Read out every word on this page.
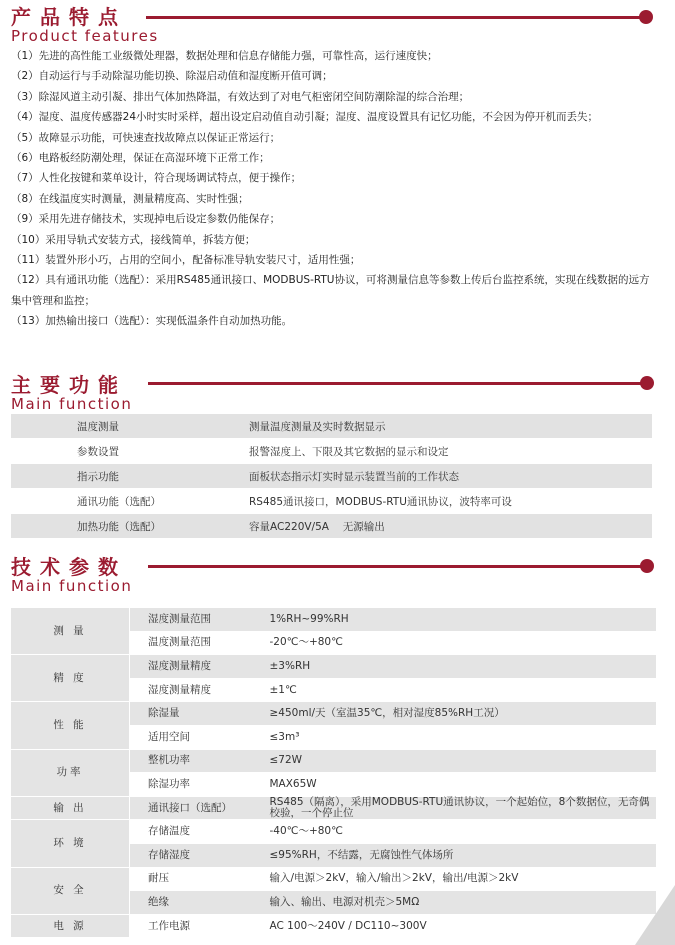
产品特点
Product features

（1）先进的高性能工业级微处理器，数据处理和信息存储能力强，可靠性高，运行速度快；

（2）自动运行与手动除湿功能切换、除湿启动值和湿度断开值可调；

（3）除湿风道主动引凝、排出气体加热降温，有效达到了对电气柜密闭空间防潮除湿的综合治理；

（4）湿度、温度传感器24小时实时采样，超出设定启动值自动引凝；湿度、温度设置具有记忆功能，不会因为停开机而丢失；

（5）故障显示功能，可快速查找故障点以保证正常运行；

（6）电路板经防潮处理，保证在高湿环境下正常工作；

（7）人性化按键和菜单设计，符合现场调试特点，便于操作；

（8）在线温度实时测量，测量精度高、实时性强；

（9）采用先进存储技术，实现掉电后设定参数仍能保存；

（10）采用导轨式安装方式，接线简单，拆装方便；

（11）装置外形小巧，占用的空间小，配备标准导轨安装尺寸，适用性强；

（12）具有通讯功能（选配）：采用RS485通讯接口、MODBUS-RTU协议，可将测量信息等参数上传后台监控系统，实现在线数据的远方集中管理和监控；

（13）加热输出接口（选配）：实现低温条件自动加热功能。

主要功能
Main function
温度测量	测量温度测量及实时数据显示
参数设置	报警湿度上、下限及其它数据的显示和设定
指示功能	面板状态指示灯实时显示装置当前的工作状态
通讯功能（选配）	RS485通讯接口，MODBUS-RTU通讯协议，波特率可设
加热功能（选配）	容量AC220V/5A　 无源输出
技术参数
Main function
测 量	湿度测量范围	1%RH~99%RH
	温度测量范围	-20℃～+80℃
精 度	湿度测量精度	±3%RH
	湿度测量精度	±1℃
性 能	除湿量	≥450ml/天（室温35℃，相对湿度85%RH工况）
	适用空间	≤3m³
功率	整机功率	≤72W
	除湿功率	MAX65W
输 出	通讯接口（选配）	RS485（隔离），采用MODBUS-RTU通讯协议，一个起始位，8个数据位，无奇偶校验，一个停止位
环 境	存储温度	-40℃～+80℃
	存储湿度	≤95%RH，不结露，无腐蚀性气体场所
安 全	耐压	输入/电源＞2kV，输入/输出＞2kV，输出/电源＞2kV
	绝缘	输入、输出、电源对机壳＞5MΩ
电 源	工作电源	AC 100～240V / DC110~300V
